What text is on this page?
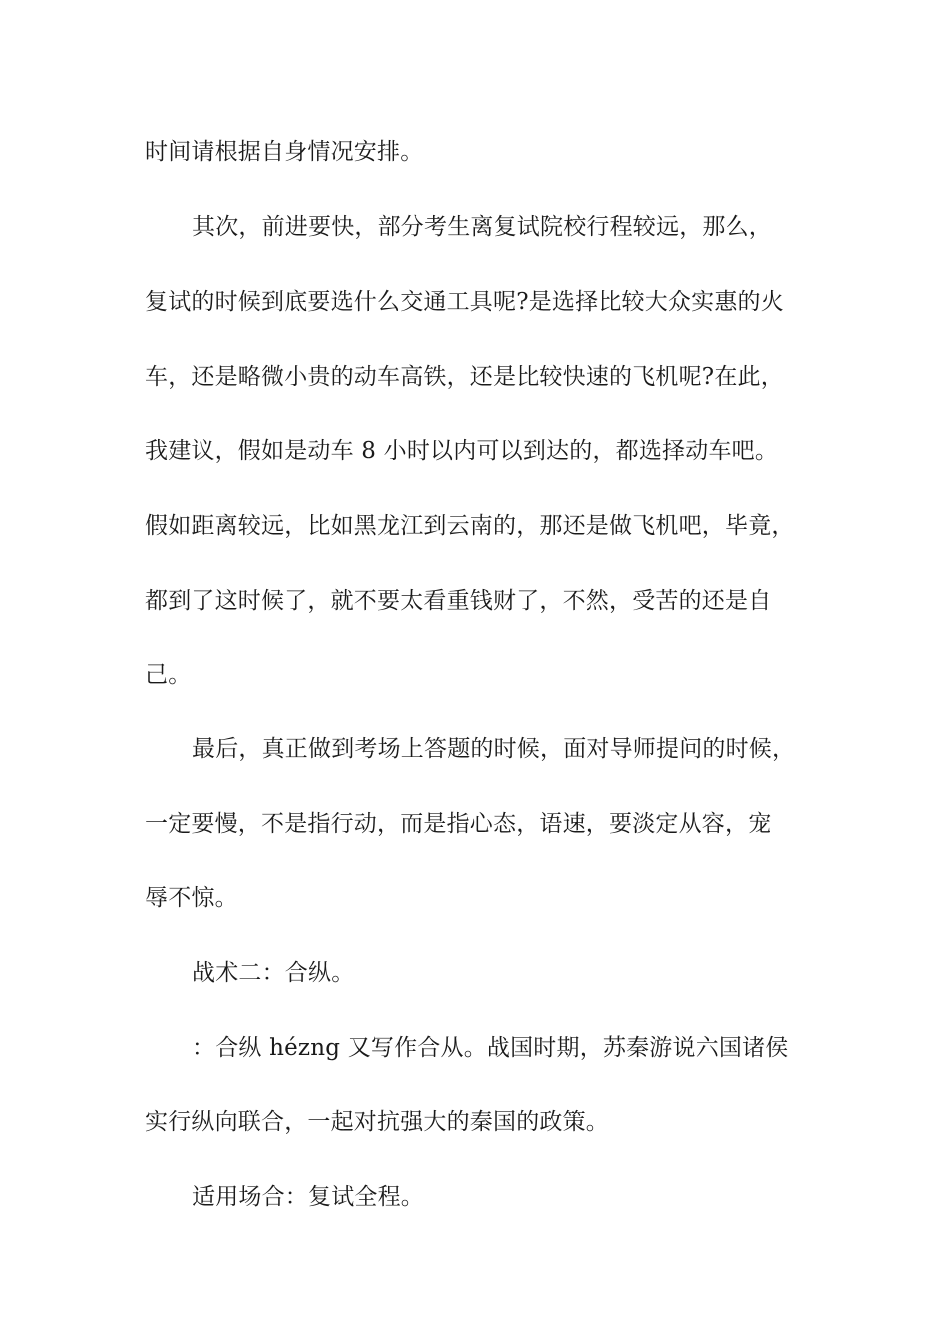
时间请根据自身情况安排。
其次，前进要快，部分考生离复试院校行程较远，那么，
复试的时候到底要选什么交通工具呢?是选择比较大众实惠的火
车，还是略微小贵的动车高铁，还是比较快速的飞机呢?在此，
我建议，假如是动车 8 小时以内可以到达的，都选择动车吧。
假如距离较远，比如黑龙江到云南的，那还是做飞机吧，毕竟，
都到了这时候了，就不要太看重钱财了，不然，受苦的还是自
己。
最后，真正做到考场上答题的时候，面对导师提问的时候，
一定要慢，不是指行动，而是指心态，语速，要淡定从容，宠
辱不惊。
战术二：合纵。
：合纵 hézng 又写作合从。战国时期，苏秦游说六国诸侯
实行纵向联合，一起对抗强大的秦国的政策。
适用场合：复试全程。
